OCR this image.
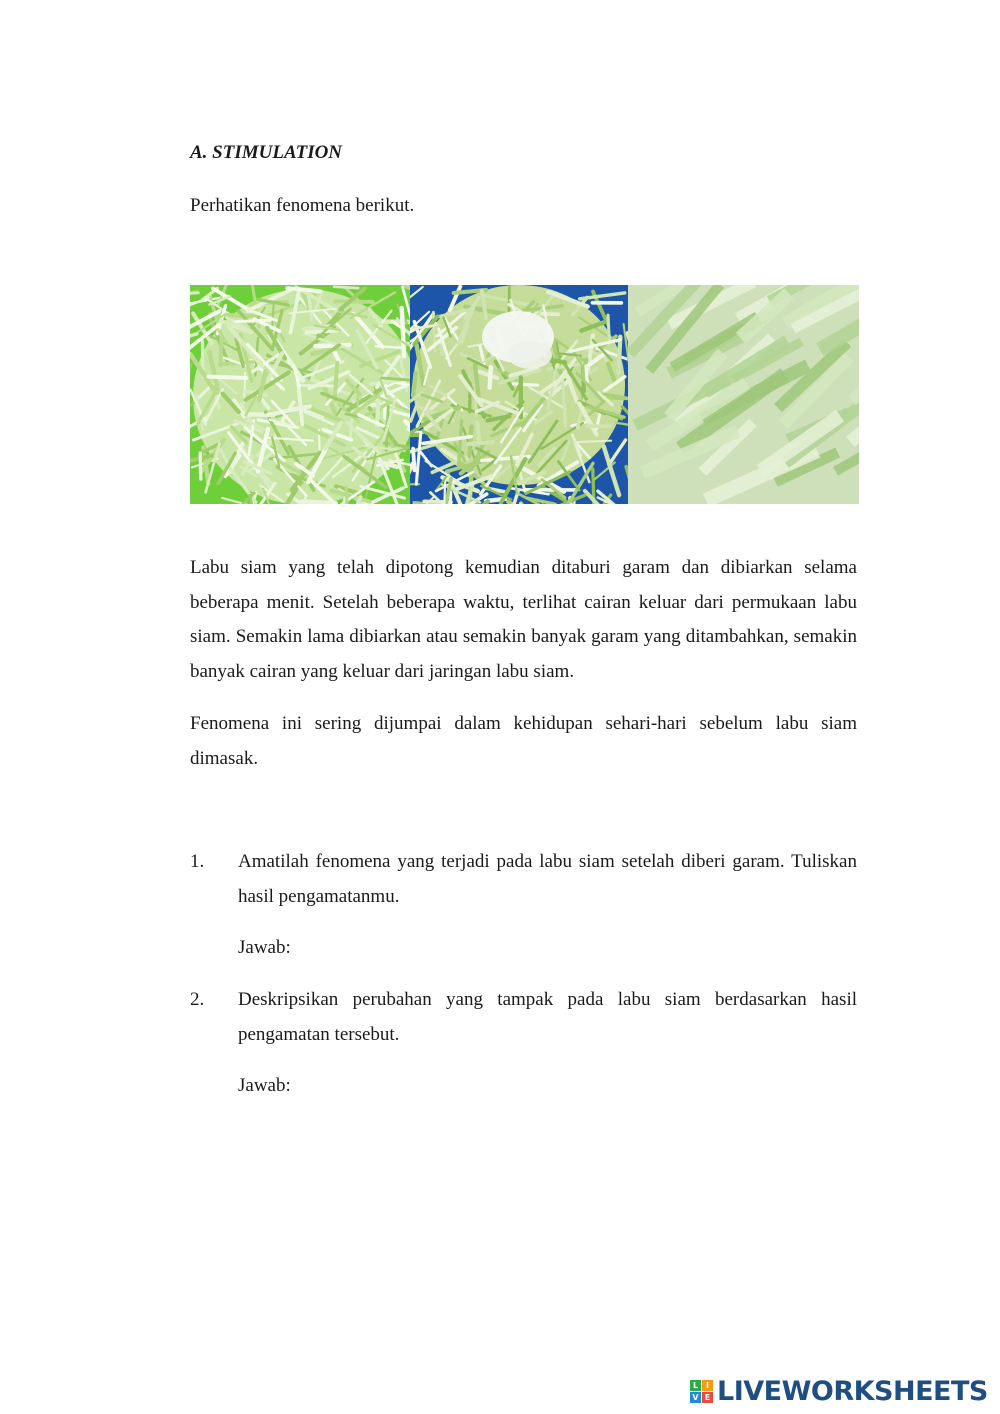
A. STIMULATION

Perhatikan fenomena berikut.

Labu siam yang telah dipotong kemudian ditaburi garam dan dibiarkan selama beberapa menit. Setelah beberapa waktu, terlihat cairan keluar dari permukaan labu siam. Semakin lama dibiarkan atau semakin banyak garam yang ditambahkan, semakin banyak cairan yang keluar dari jaringan labu siam.

Fenomena ini sering dijumpai dalam kehidupan sehari-hari sebelum labu siam dimasak.

1. Amatilah fenomena yang terjadi pada labu siam setelah diberi garam. Tuliskan hasil pengamatanmu.
Jawab:
2. Deskripsikan perubahan yang tampak pada labu siam berdasarkan hasil pengamatan tersebut.
Jawab:
L I
V E LIVEWORKSHEETS
